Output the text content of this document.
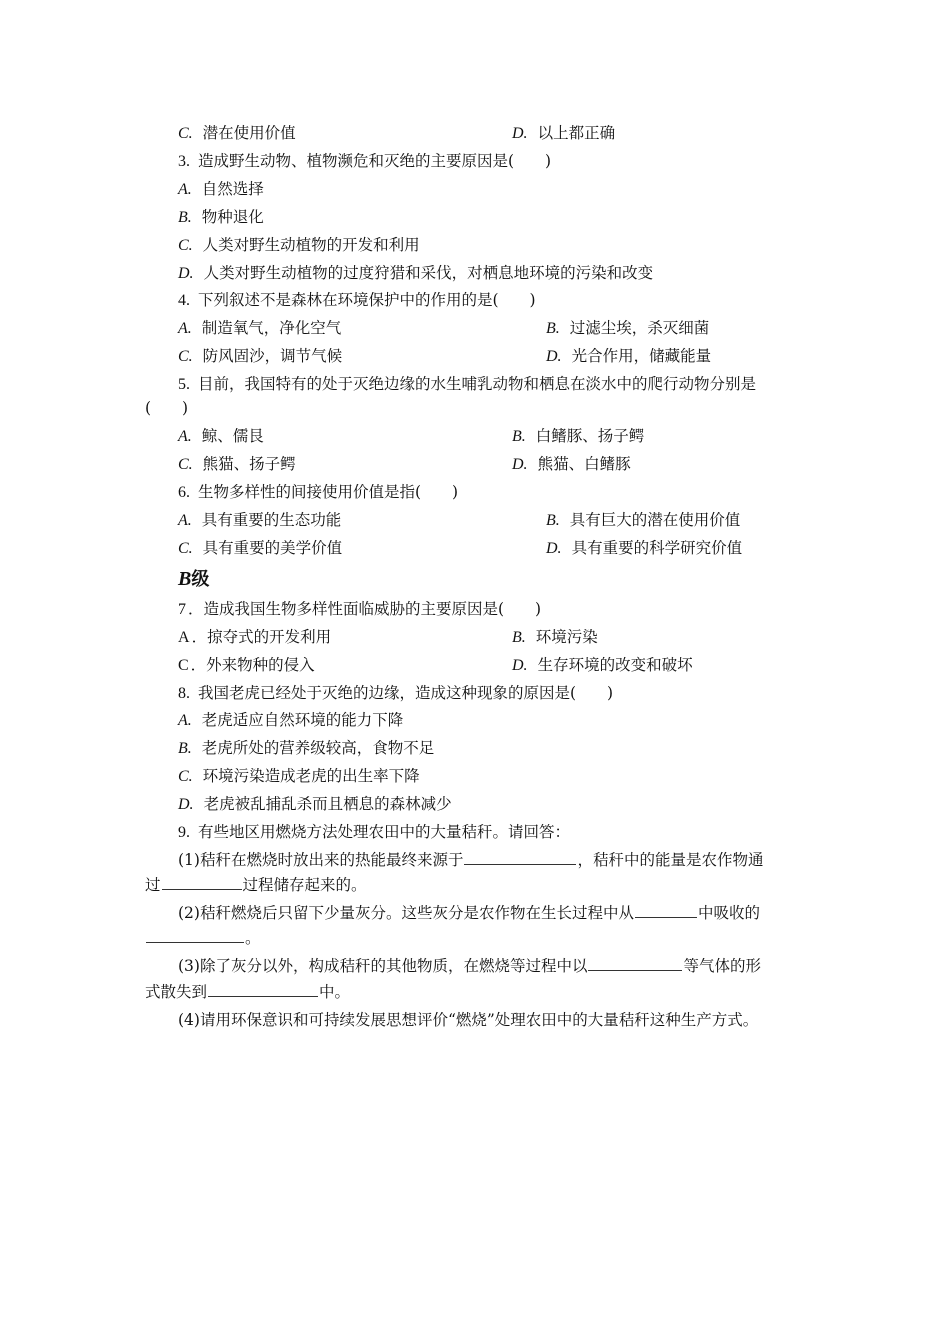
C. 潜在使用价值	D. 以上都正确
3. 造成野生动物、植物濒危和灭绝的主要原因是(　　)
A. 自然选择
B. 物种退化
C. 人类对野生动植物的开发和利用
D. 人类对野生动植物的过度狩猎和采伐，对栖息地环境的污染和改变
4. 下列叙述不是森林在环境保护中的作用的是(　　)
A. 制造氧气，净化空气	B. 过滤尘埃，杀灭细菌
C. 防风固沙，调节气候	D. 光合作用，储藏能量
5. 目前，我国特有的处于灭绝边缘的水生哺乳动物和栖息在淡水中的爬行动物分别是
(　　)
A. 鲸、儒艮	B. 白鳍豚、扬子鳄
C. 熊猫、扬子鳄	D. 熊猫、白鳍豚
6. 生物多样性的间接使用价值是指(　　)
A. 具有重要的生态功能	B. 具有巨大的潜在使用价值
C. 具有重要的美学价值	D. 具有重要的科学研究价值
B级
7 ．造成我国生物多样性面临威胁的主要原因是(　　)
A ．掠夺式的开发利用	B. 环境污染
C ．外来物种的侵入	D. 生存环境的改变和破坏
8. 我国老虎已经处于灭绝的边缘，造成这种现象的原因是(　　)
A. 老虎适应自然环境的能力下降
B. 老虎所处的营养级较高，食物不足
C. 环境污染造成老虎的出生率下降
D. 老虎被乱捕乱杀而且栖息的森林减少
9. 有些地区用燃烧方法处理农田中的大量秸秆。请回答：
(1)秸秆在燃烧时放出来的热能最终来源于	，秸秆中的能量是农作物通
过	过程储存起来的。
(2)秸秆燃烧后只留下少量灰分。这些灰分是农作物在生长过程中从	中吸收的
。
(3)除了灰分以外，构成秸秆的其他物质，在燃烧等过程中以	等气体的形
式散失到	中。
(4)请用环保意识和可持续发展思想评价“燃烧”处理农田中的大量秸秆这种生产方式。
